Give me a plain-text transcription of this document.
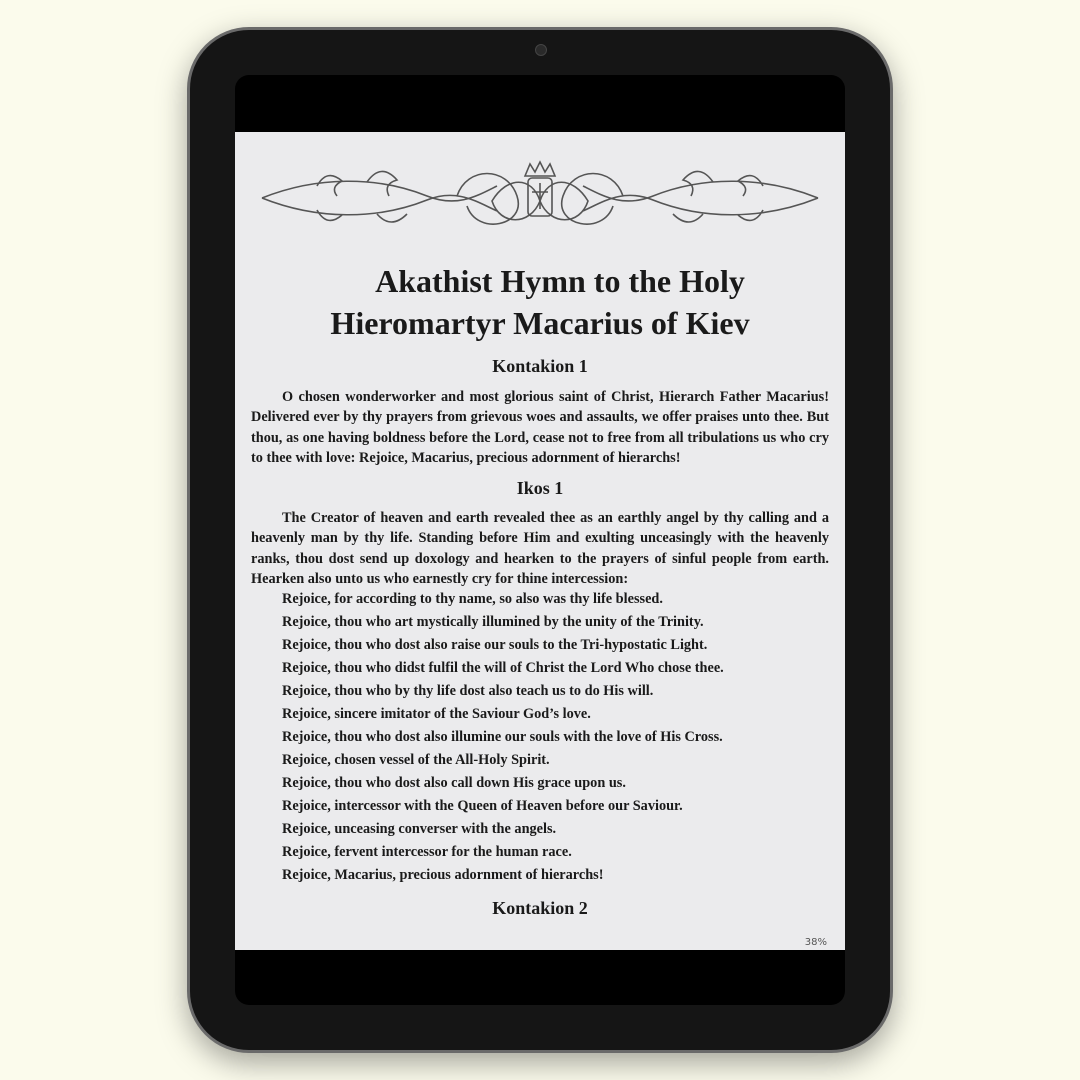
Akathist Hymn to the Holy
Hieromartyr Macarius of Kiev
Kontakion 1
O chosen wonderworker and most glorious saint of Christ, Hierarch Father Macarius! Delivered ever by thy prayers from grievous woes and assaults, we offer praises unto thee. But thou, as one having boldness before the Lord, cease not to free from all tribulations us who cry to thee with love: Rejoice, Macarius, precious adornment of hierarchs!
Ikos 1
The Creator of heaven and earth revealed thee as an earthly angel by thy calling and a heavenly man by thy life. Standing before Him and exulting unceasingly with the heavenly ranks, thou dost send up doxology and hearken to the prayers of sinful people from earth. Hearken also unto us who earnestly cry for thine intercession:
Rejoice, for according to thy name, so also was thy life blessed.
Rejoice, thou who art mystically illumined by the unity of the Trinity.
Rejoice, thou who dost also raise our souls to the Tri-hypostatic Light.
Rejoice, thou who didst fulfil the will of Christ the Lord Who chose thee.
Rejoice, thou who by thy life dost also teach us to do His will.
Rejoice, sincere imitator of the Saviour God’s love.
Rejoice, thou who dost also illumine our souls with the love of His Cross.
Rejoice, chosen vessel of the All-Holy Spirit.
Rejoice, thou who dost also call down His grace upon us.
Rejoice, intercessor with the Queen of Heaven before our Saviour.
Rejoice, unceasing converser with the angels.
Rejoice, fervent intercessor for the human race.
Rejoice, Macarius, precious adornment of hierarchs!
Kontakion 2
38%
